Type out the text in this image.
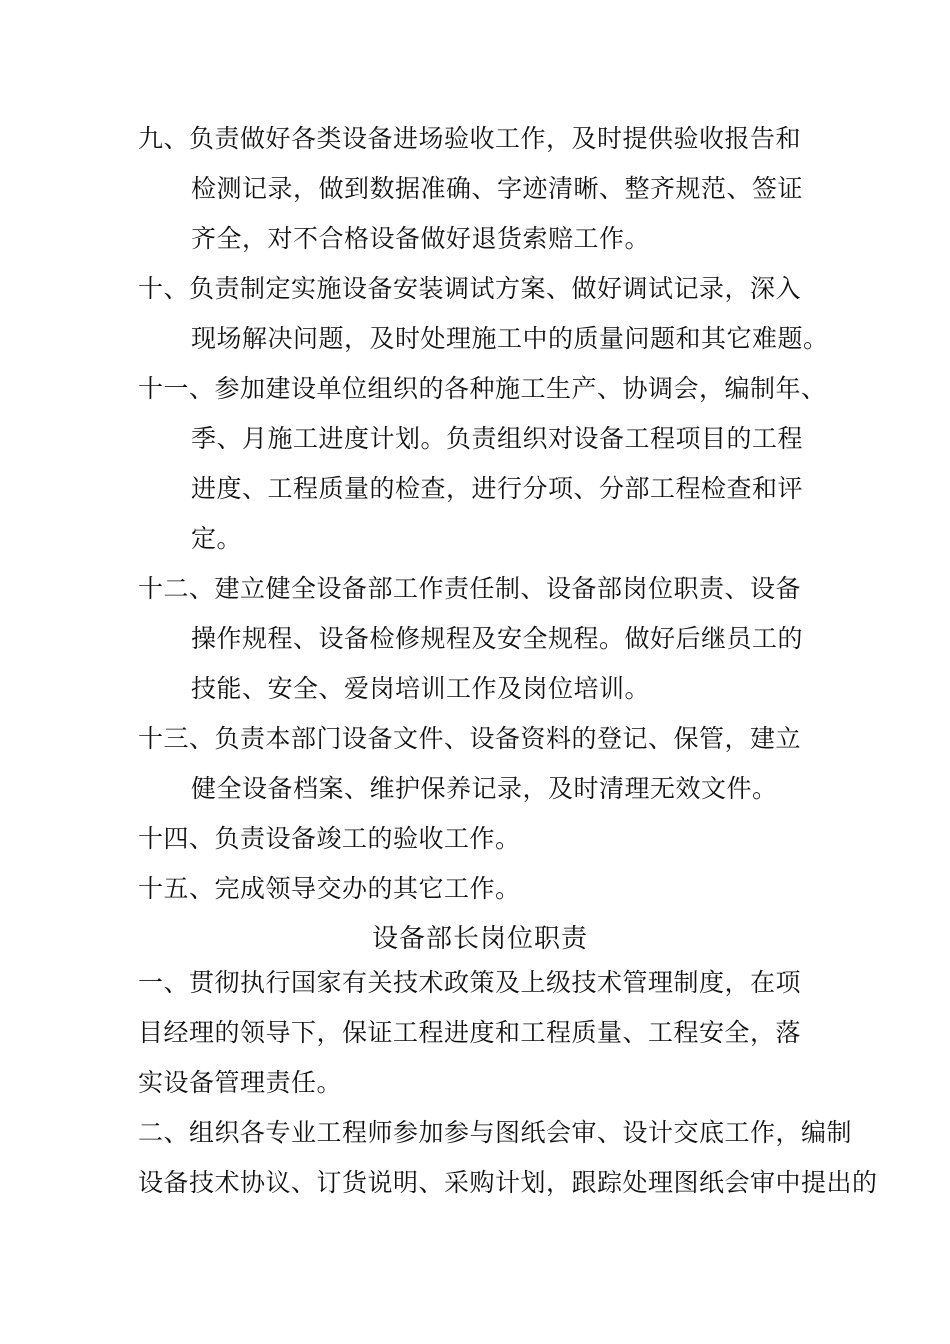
九、负责做好各类设备进场验收工作，及时提供验收报告和
检测记录，做到数据准确、字迹清晰、整齐规范、签证
齐全，对不合格设备做好退货索赔工作。
十、负责制定实施设备安装调试方案、做好调试记录，深入
现场解决问题，及时处理施工中的质量问题和其它难题。
十一、参加建设单位组织的各种施工生产、协调会，编制年、
季、月施工进度计划。负责组织对设备工程项目的工程
进度、工程质量的检查，进行分项、分部工程检查和评
定。
十二、建立健全设备部工作责任制、设备部岗位职责、设备
操作规程、设备检修规程及安全规程。做好后继员工的
技能、安全、爱岗培训工作及岗位培训。
十三、负责本部门设备文件、设备资料的登记、保管，建立
健全设备档案、维护保养记录，及时清理无效文件。
十四、负责设备竣工的验收工作。
十五、完成领导交办的其它工作。
设备部长岗位职责
一、贯彻执行国家有关技术政策及上级技术管理制度，在项
目经理的领导下，保证工程进度和工程质量、工程安全，落
实设备管理责任。
二、组织各专业工程师参加参与图纸会审、设计交底工作，编制
设备技术协议、订货说明、采购计划，跟踪处理图纸会审中提出的
